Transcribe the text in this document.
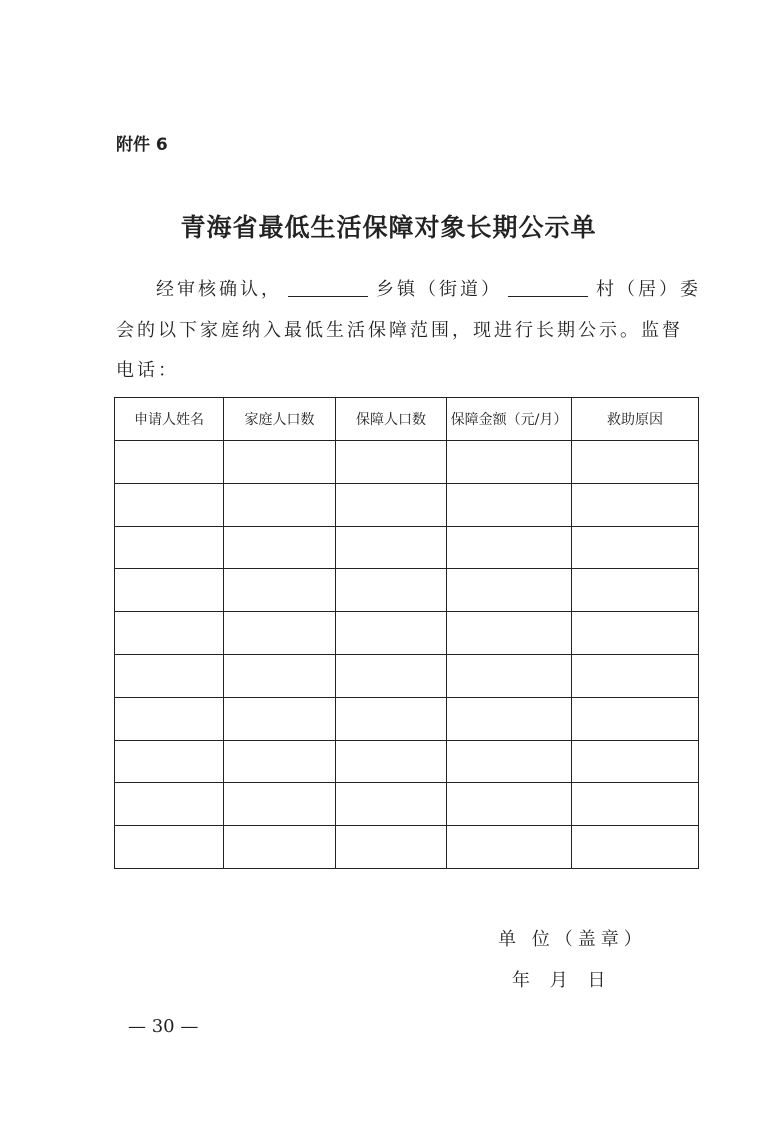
附件 6
青海省最低生活保障对象长期公示单
经审核确认，	乡镇（街道）	村（居）委
会的以下家庭纳入最低生活保障范围，现进行长期公示。监督
电话：
申请人姓名	家庭人口数	保障人口数	保障金额（元/月）	救助原因

单 位（盖章）
年 月 日
— 30 —
